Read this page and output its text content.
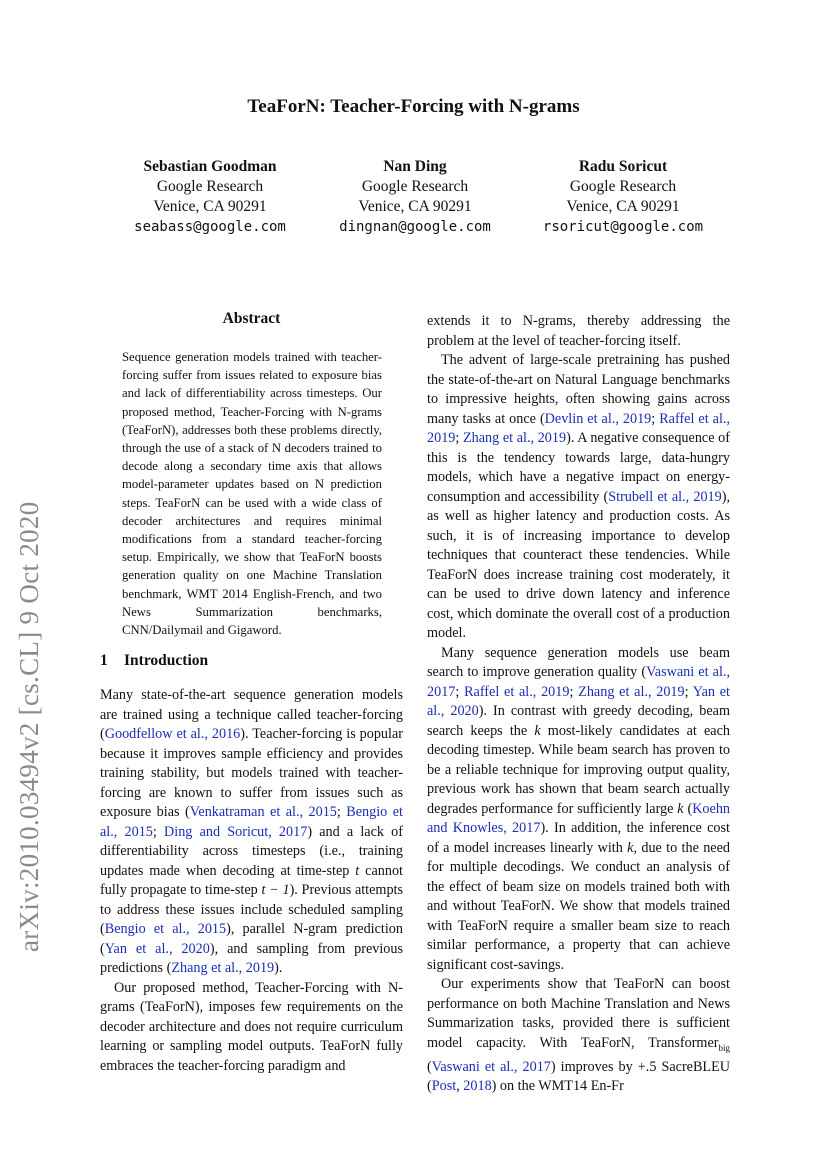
arXiv:2010.03494v2 [cs.CL] 9 Oct 2020
TeaForN: Teacher-Forcing with N-grams
Sebastian Goodman
Google Research
Venice, CA 90291
seabass@google.com
Nan Ding
Google Research
Venice, CA 90291
dingnan@google.com
Radu Soricut
Google Research
Venice, CA 90291
rsoricut@google.com
Abstract
Sequence generation models trained with teacher-forcing suffer from issues related to exposure bias and lack of differentiability across timesteps. Our proposed method, Teacher-Forcing with N-grams (TeaForN), addresses both these problems directly, through the use of a stack of N decoders trained to decode along a secondary time axis that allows model-parameter updates based on N prediction steps. TeaForN can be used with a wide class of decoder architectures and requires minimal modifications from a standard teacher-forcing setup. Empirically, we show that TeaForN boosts generation quality on one Machine Translation benchmark, WMT 2014 English-French, and two News Summarization benchmarks, CNN/Dailymail and Gigaword.
1 Introduction

Many state-of-the-art sequence generation models are trained using a technique called teacher-forcing (Goodfellow et al., 2016). Teacher-forcing is popular because it improves sample efficiency and provides training stability, but models trained with teacher-forcing are known to suffer from issues such as exposure bias (Venkatraman et al., 2015; Bengio et al., 2015; Ding and Soricut, 2017) and a lack of differentiability across timesteps (i.e., training updates made when decoding at time-step t cannot fully propagate to time-step t − 1). Previous attempts to address these issues include scheduled sampling (Bengio et al., 2015), parallel N-gram prediction (Yan et al., 2020), and sampling from previous predictions (Zhang et al., 2019).

Our proposed method, Teacher-Forcing with N-grams (TeaForN), imposes few requirements on the decoder architecture and does not require curriculum learning or sampling model outputs. TeaForN fully embraces the teacher-forcing paradigm and

extends it to N-grams, thereby addressing the problem at the level of teacher-forcing itself.

The advent of large-scale pretraining has pushed the state-of-the-art on Natural Language benchmarks to impressive heights, often showing gains across many tasks at once (Devlin et al., 2019; Raffel et al., 2019; Zhang et al., 2019). A negative consequence of this is the tendency towards large, data-hungry models, which have a negative impact on energy-consumption and accessibility (Strubell et al., 2019), as well as higher latency and production costs. As such, it is of increasing importance to develop techniques that counteract these tendencies. While TeaForN does increase training cost moderately, it can be used to drive down latency and inference cost, which dominate the overall cost of a production model.

Many sequence generation models use beam search to improve generation quality (Vaswani et al., 2017; Raffel et al., 2019; Zhang et al., 2019; Yan et al., 2020). In contrast with greedy decoding, beam search keeps the k most-likely candidates at each decoding timestep. While beam search has proven to be a reliable technique for improving output quality, previous work has shown that beam search actually degrades performance for sufficiently large k (Koehn and Knowles, 2017). In addition, the inference cost of a model increases linearly with k, due to the need for multiple decodings. We conduct an analysis of the effect of beam size on models trained both with and without TeaForN. We show that models trained with TeaForN require a smaller beam size to reach similar performance, a property that can achieve significant cost-savings.

Our experiments show that TeaForN can boost performance on both Machine Translation and News Summarization tasks, provided there is sufficient model capacity. With TeaForN, Transformer$_{big}$ (Vaswani et al., 2017) improves by +.5 SacreBLEU (Post, 2018) on the WMT14 En-Fr
